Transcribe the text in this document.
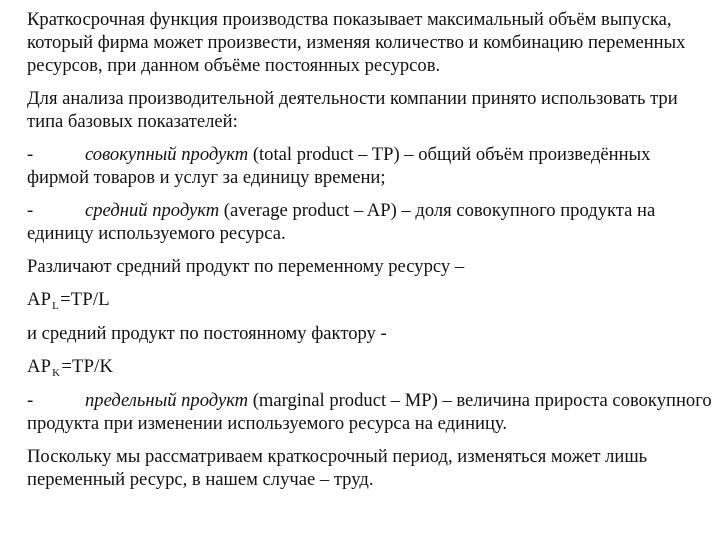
Краткосрочная функция производства показывает максимальный объём выпуска, который фирма может произвести, изменяя количество и комбинацию переменных ресурсов, при данном объёме постоянных ресурсов.

Для анализа производительной деятельности компании принято использовать три типа базовых показателей:

-	совокупный продукт (total product – TP) – общий объём произведённых фирмой товаров и услуг за единицу времени;

-	средний продукт (average product – AP) – доля совокупного продукта на единицу используемого ресурса.

Различают средний продукт по переменному ресурсу –

$AP_L=TP/L$

и средний продукт по постоянному фактору -

$AP_K=TP/K$

-	предельный продукт (marginal product – MP) – величина прироста совокупного продукта при изменении используемого ресурса на единицу.

Поскольку мы рассматриваем краткосрочный период, изменяться может лишь переменный ресурс, в нашем случае – труд.
